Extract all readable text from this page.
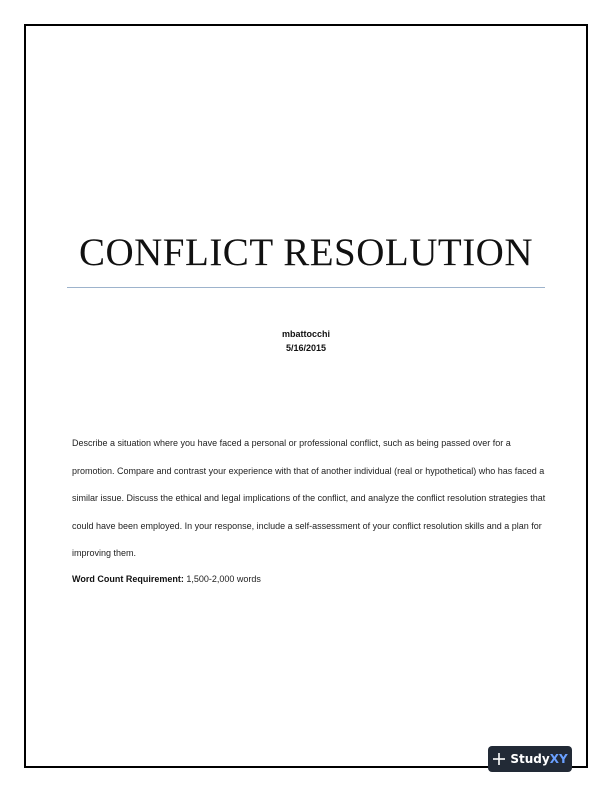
CONFLICT RESOLUTION
mbattocchi
5/16/2015

Describe a situation where you have faced a personal or professional conflict, such as being passed over for a promotion. Compare and contrast your experience with that of another individual (real or hypothetical) who has faced a similar issue. Discuss the ethical and legal implications of the conflict, and analyze the conflict resolution strategies that could have been employed. In your response, include a self-assessment of your conflict resolution skills and a plan for improving them.

Word Count Requirement: 1,500-2,000 words
StudyXY
